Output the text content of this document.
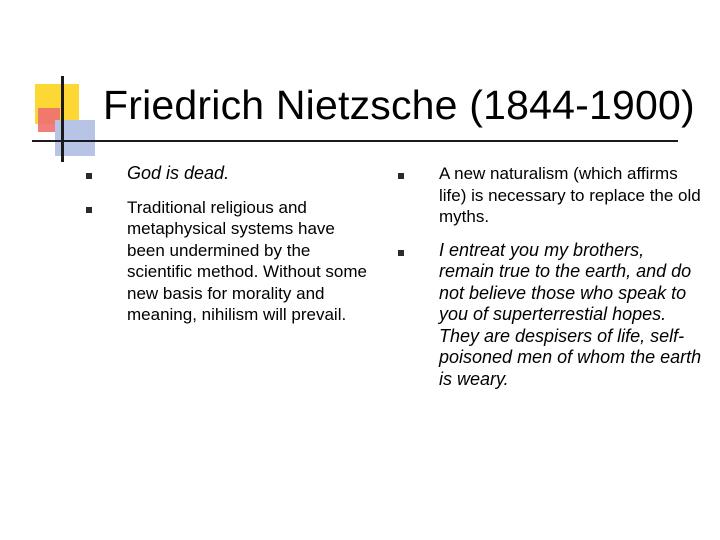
Friedrich Nietzsche (1844-1900)
God is dead.
Traditional religious and metaphysical systems have been undermined by the scientific method. Without some new basis for morality and meaning, nihilism will prevail.
A new naturalism (which affirms life) is necessary to replace the old myths.
I entreat you my brothers, remain true to the earth, and do not believe those who speak to you of superterrestial hopes. They are despisers of life, self-poisoned men of whom the earth is weary.
